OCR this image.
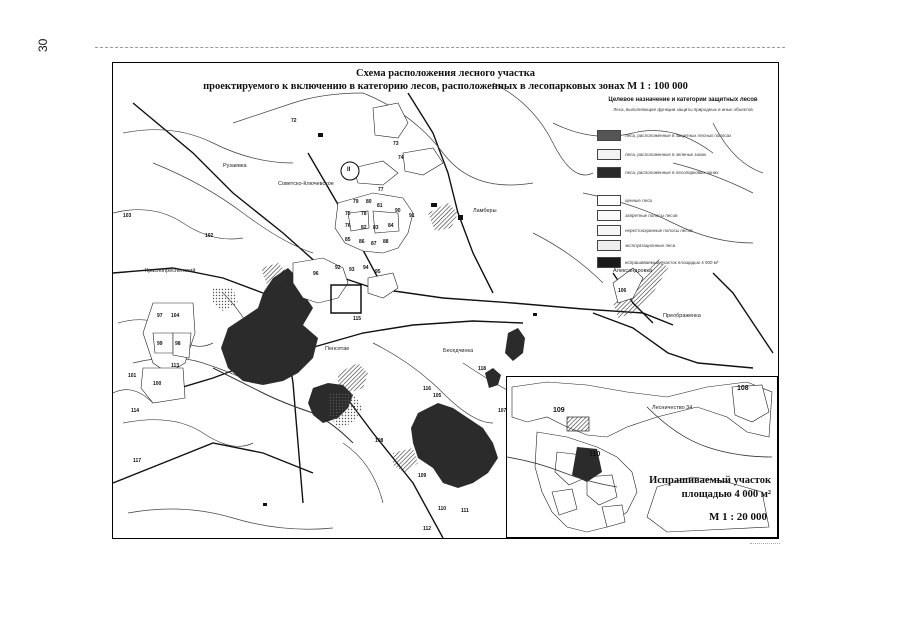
30
Схема расположения лесного участка
проектируемого к включению в категорию лесов, расположенных в лесопарковых зонах М 1 : 100 000
Пенсятае	Беседчинка
Ламберы
Александровка
Преображенка
Советско-Ключевское
Рузаевка
Краснопресненский
II
72
73
74
75
76
77
78
79 80
81
82 83 84
85 86 87 88
90
91
92 93 94
95
96
97
98
99
100
101
102
103
104
105
106
107
108
109
110	111
112
113
114
115
116
117
118
Целевое назначение и категории защитных лесов
Леса, выполняющие функции защиты природных и иных объектов
леса, расположенные в защитных лесных полосах
леса, расположенные в зеленых зонах
леса, расположенные в лесопарковых зонах
ценные леса
запретные полосы лесов
нерестоохранные полосы лесов
эксплуатационные леса
испрашиваемый участок площадью 4 000 м²
108
109
110
Лесничество 34
Испрашиваемый участок
площадью 4 000 м²
М 1 : 20 000
